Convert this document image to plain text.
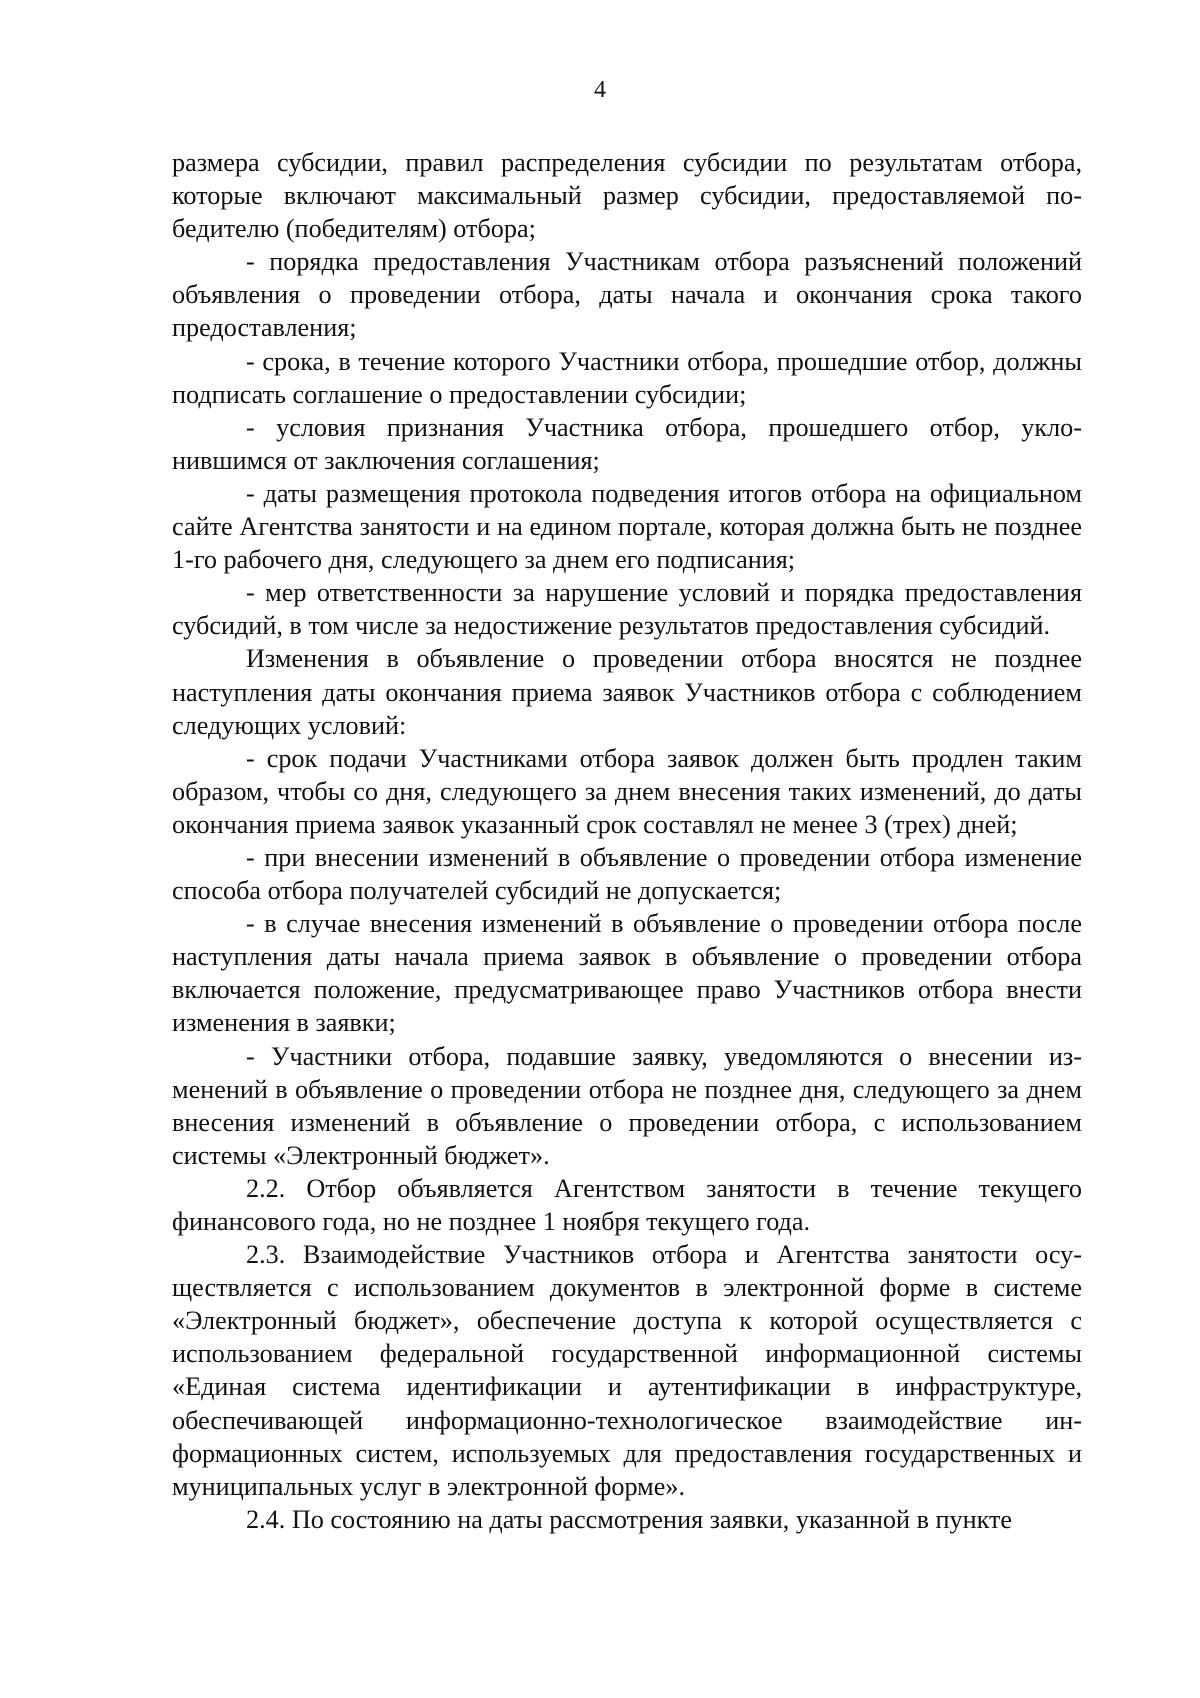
4

размера субсидии, правил распределения субсидии по результатам отбора, которые включают максимальный размер субсидии, предоставляемой победителю (победителям) отбора;

- порядка предоставления Участникам отбора разъяснений положений объявления о проведении отбора, даты начала и окончания срока такого предоставления;

- срока, в течение которого Участники отбора, прошедшие отбор, должны подписать соглашение о предоставлении субсидии;

- условия признания Участника отбора, прошедшего отбор, уклонившимся от заключения соглашения;

- даты размещения протокола подведения итогов отбора на официальном сайте Агентства занятости и на едином портале, которая должна быть не позднее 1-го рабочего дня, следующего за днем его подписания;

- мер ответственности за нарушение условий и порядка предоставления субсидий, в том числе за недостижение результатов предоставления субсидий.

Изменения в объявление о проведении отбора вносятся не позднее наступления даты окончания приема заявок Участников отбора с соблюдением следующих условий:

- срок подачи Участниками отбора заявок должен быть продлен таким образом, чтобы со дня, следующего за днем внесения таких изменений, до даты окончания приема заявок указанный срок составлял не менее 3 (трех) дней;

- при внесении изменений в объявление о проведении отбора изменение способа отбора получателей субсидий не допускается;

- в случае внесения изменений в объявление о проведении отбора после наступления даты начала приема заявок в объявление о проведении отбора включается положение, предусматривающее право Участников отбора внести изменения в заявки;

- Участники отбора, подавшие заявку, уведомляются о внесении изменений в объявление о проведении отбора не позднее дня, следующего за днем внесения изменений в объявление о проведении отбора, с использованием системы «Электронный бюджет».

2.2. Отбор объявляется Агентством занятости в течение текущего финансового года, но не позднее 1 ноября текущего года.

2.3. Взаимодействие Участников отбора и Агентства занятости осуществляется с использованием документов в электронной форме в системе «Электронный бюджет», обеспечение доступа к которой осуществляется с использованием федеральной государственной информационной системы «Единая система идентификации и аутентификации в инфраструктуре, обеспечивающей информационно-технологическое взаимодействие информационных систем, используемых для предоставления государственных и муниципальных услуг в электронной форме».

2.4. По состоянию на даты рассмотрения заявки, указанной в пункте
